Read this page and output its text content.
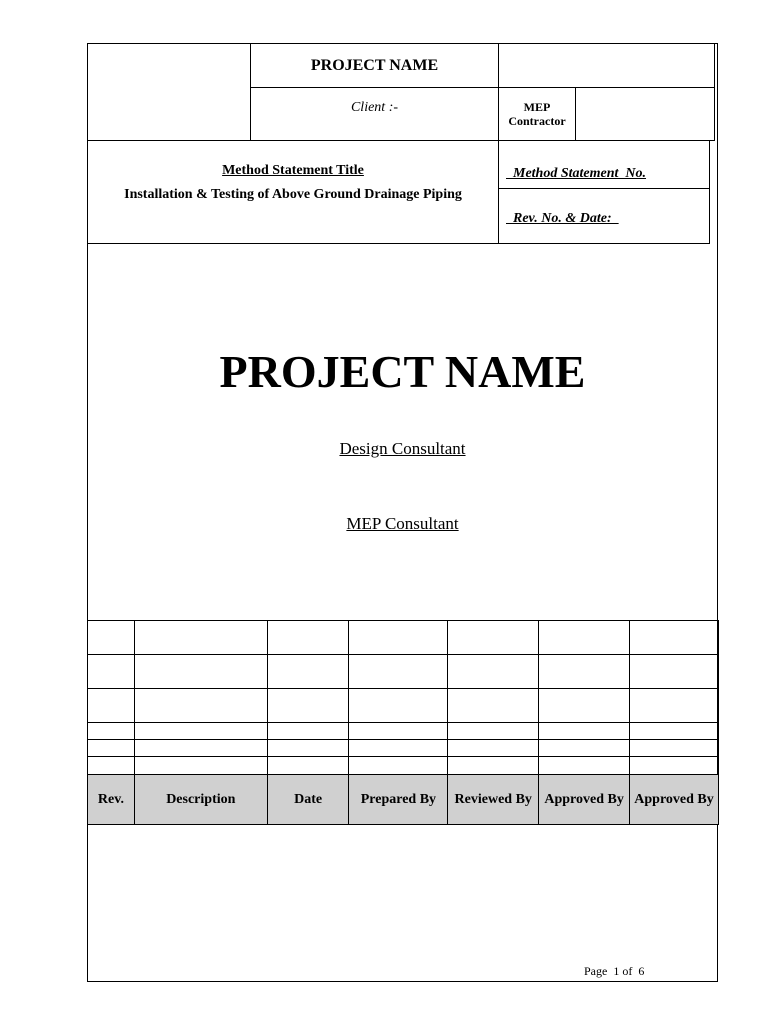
PROJECT NAME
Client :-	MEP
Contractor
Method Statement Title
Installation & Testing of Above Ground Drainage Piping

Method Statement  No.

Rev. No. & Date:

PROJECT NAME
Design Consultant
MEP Consultant

Rev.	Description	Date	Prepared By	Reviewed By	Approved By	Approved By
Page  1 of  6
